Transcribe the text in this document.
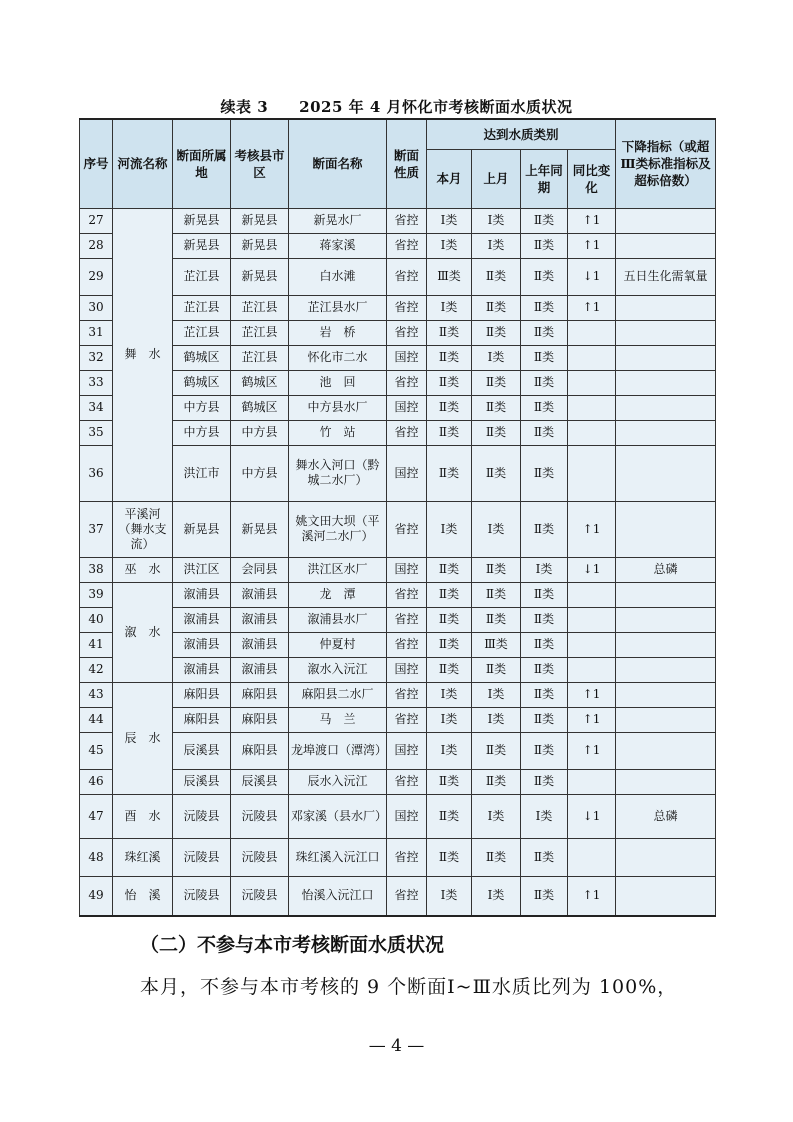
续表 3　　2025 年 4 月怀化市考核断面水质状况
序号	河流名称	断面所属地	考核县市区	断面名称	断面性质	达到水质类别				下降指标（或超Ⅲ类标准指标及超标倍数）
						本月	上月	上年同期	同比变化	
27	舞　水	新晃县	新晃县	新晃水厂	省控	Ⅰ类	Ⅰ类	Ⅱ类	↑1	
28		新晃县	新晃县	蒋家溪	省控	Ⅰ类	Ⅰ类	Ⅱ类	↑1	
29		芷江县	新晃县	白水滩	省控	Ⅲ类	Ⅱ类	Ⅱ类	↓1	五日生化需氧量
30		芷江县	芷江县	芷江县水厂	省控	Ⅰ类	Ⅱ类	Ⅱ类	↑1	
31		芷江县	芷江县	岩　桥	省控	Ⅱ类	Ⅱ类	Ⅱ类		
32		鹤城区	芷江县	怀化市二水	国控	Ⅱ类	Ⅰ类	Ⅱ类		
33		鹤城区	鹤城区	池　回	省控	Ⅱ类	Ⅱ类	Ⅱ类		
34		中方县	鹤城区	中方县水厂	国控	Ⅱ类	Ⅱ类	Ⅱ类		
35		中方县	中方县	竹　站	省控	Ⅱ类	Ⅱ类	Ⅱ类		
36		洪江市	中方县	舞水入河口（黔城二水厂）	国控	Ⅱ类	Ⅱ类	Ⅱ类		
37	平溪河（舞水支流）	新晃县	新晃县	姚文田大坝（平溪河二水厂）	省控	Ⅰ类	Ⅰ类	Ⅱ类	↑1	
38	巫　水	洪江区	会同县	洪江区水厂	国控	Ⅱ类	Ⅱ类	Ⅰ类	↓1	总磷
39	溆　水	溆浦县	溆浦县	龙　潭	省控	Ⅱ类	Ⅱ类	Ⅱ类		
40		溆浦县	溆浦县	溆浦县水厂	省控	Ⅱ类	Ⅱ类	Ⅱ类		
41		溆浦县	溆浦县	仲夏村	省控	Ⅱ类	Ⅲ类	Ⅱ类		
42		溆浦县	溆浦县	溆水入沅江	国控	Ⅱ类	Ⅱ类	Ⅱ类		
43	辰　水	麻阳县	麻阳县	麻阳县二水厂	省控	Ⅰ类	Ⅰ类	Ⅱ类	↑1	
44		麻阳县	麻阳县	马　兰	省控	Ⅰ类	Ⅰ类	Ⅱ类	↑1	
45		辰溪县	麻阳县	龙埠渡口（潭湾）	国控	Ⅰ类	Ⅱ类	Ⅱ类	↑1	
46		辰溪县	辰溪县	辰水入沅江	省控	Ⅱ类	Ⅱ类	Ⅱ类		
47	酉　水	沅陵县	沅陵县	邓家溪（县水厂）	国控	Ⅱ类	Ⅰ类	Ⅰ类	↓1	总磷
48	珠红溪	沅陵县	沅陵县	珠红溪入沅江口	省控	Ⅱ类	Ⅱ类	Ⅱ类		
49	怡　溪	沅陵县	沅陵县	怡溪入沅江口	省控	Ⅰ类	Ⅰ类	Ⅱ类	↑1	
（二）不参与本市考核断面水质状况
本月，不参与本市考核的 9 个断面Ⅰ~Ⅲ水质比列为 100%，
— 4 —
